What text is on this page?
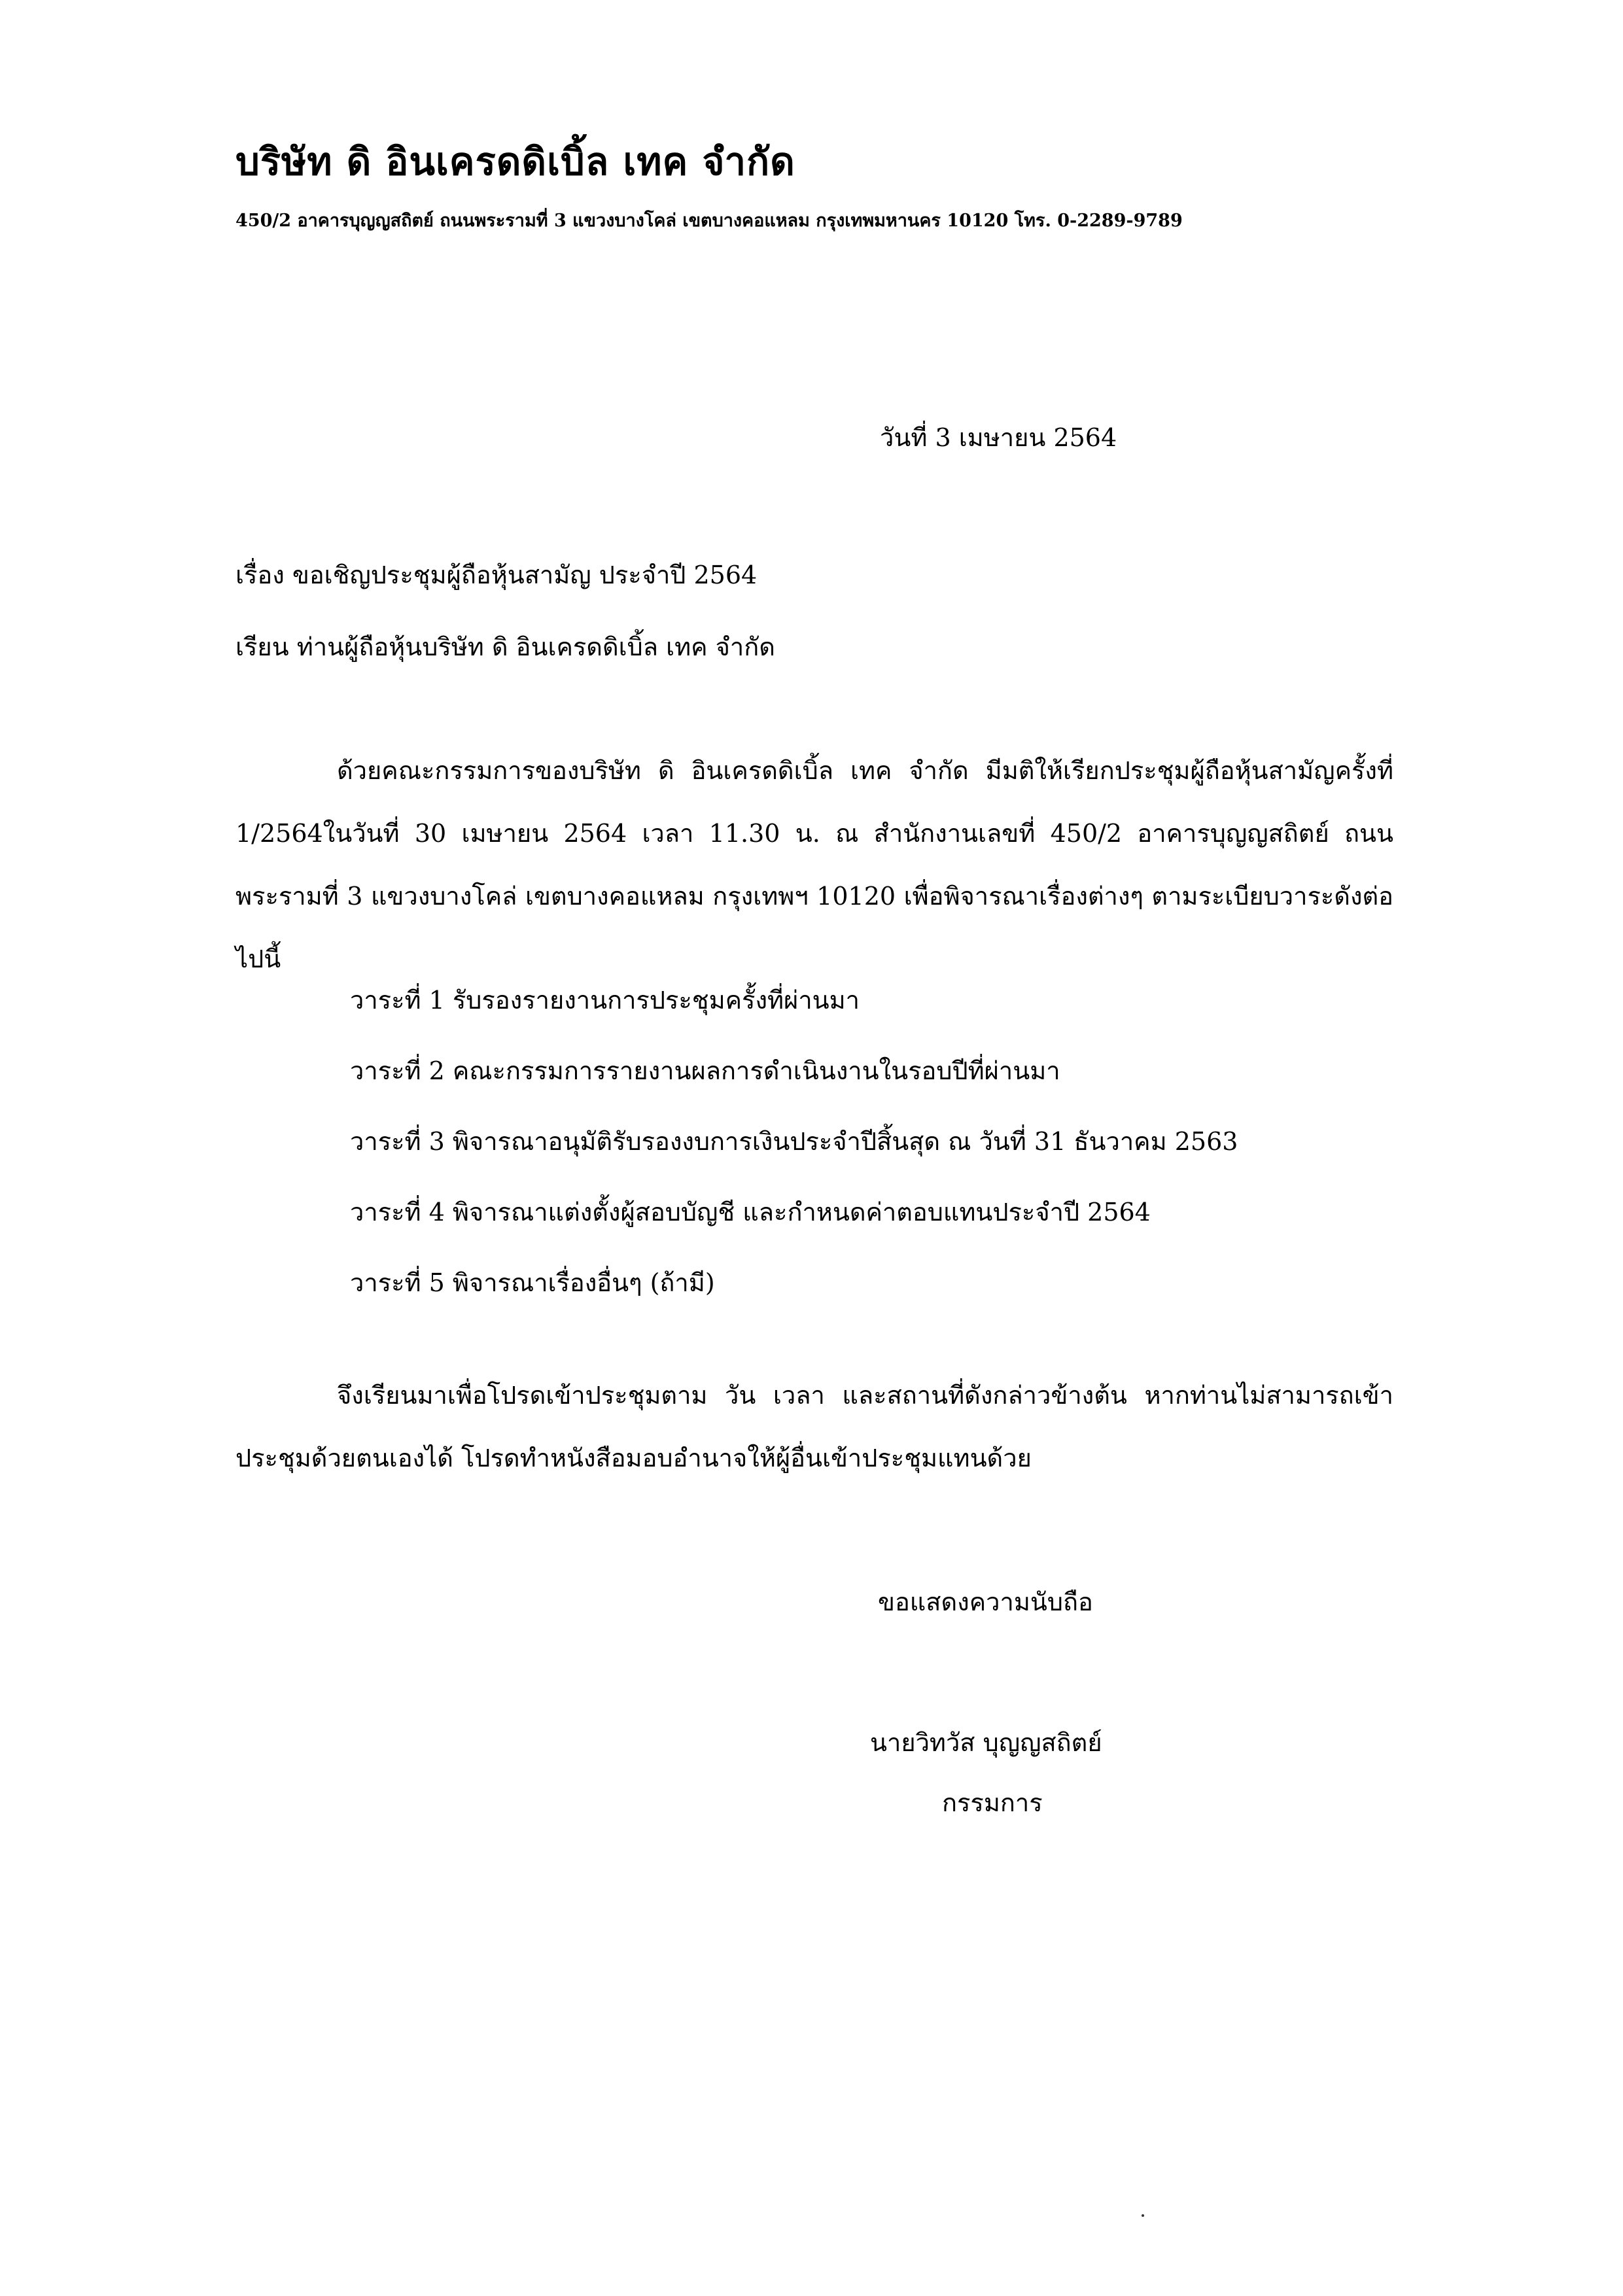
บริษัท ดิ อินเครดดิเบิ้ล เทค จำกัด

450/2 อาคารบุญญสถิตย์ ถนนพระรามที่ 3 แขวงบางโคล่ เขตบางคอแหลม กรุงเทพมหานคร 10120 โทร. 0-2289-9789

วันที่ 3 เมษายน 2564

เรื่อง ขอเชิญประชุมผู้ถือหุ้นสามัญ ประจำปี 2564

เรียน ท่านผู้ถือหุ้นบริษัท ดิ อินเครดดิเบิ้ล เทค จำกัด

ด้วยคณะกรรมการของบริษัท ดิ อินเครดดิเบิ้ล เทค จำกัด มีมติให้เรียกประชุมผู้ถือหุ้นสามัญครั้งที่ 1/2564ในวันที่ 30 เมษายน 2564 เวลา 11.30 น. ณ สำนักงานเลขที่ 450/2 อาคารบุญญสถิตย์ ถนนพระรามที่ 3 แขวงบางโคล่ เขตบางคอแหลม กรุงเทพฯ 10120 เพื่อพิจารณาเรื่องต่างๆ ตามระเบียบวาระดังต่อไปนี้

วาระที่ 1 รับรองรายงานการประชุมครั้งที่ผ่านมา
วาระที่ 2 คณะกรรมการรายงานผลการดำเนินงานในรอบปีที่ผ่านมา
วาระที่ 3 พิจารณาอนุมัติรับรองงบการเงินประจำปีสิ้นสุด ณ วันที่ 31 ธันวาคม 2563
วาระที่ 4 พิจารณาแต่งตั้งผู้สอบบัญชี และกำหนดค่าตอบแทนประจำปี 2564
วาระที่ 5 พิจารณาเรื่องอื่นๆ (ถ้ามี)

จึงเรียนมาเพื่อโปรดเข้าประชุมตาม วัน เวลา และสถานที่ดังกล่าวข้างต้น หากท่านไม่สามารถเข้าประชุมด้วยตนเองได้ โปรดทำหนังสือมอบอำนาจให้ผู้อื่นเข้าประชุมแทนด้วย

ขอแสดงความนับถือ

นายวิทวัส บุญญสถิตย์

กรรมการ
